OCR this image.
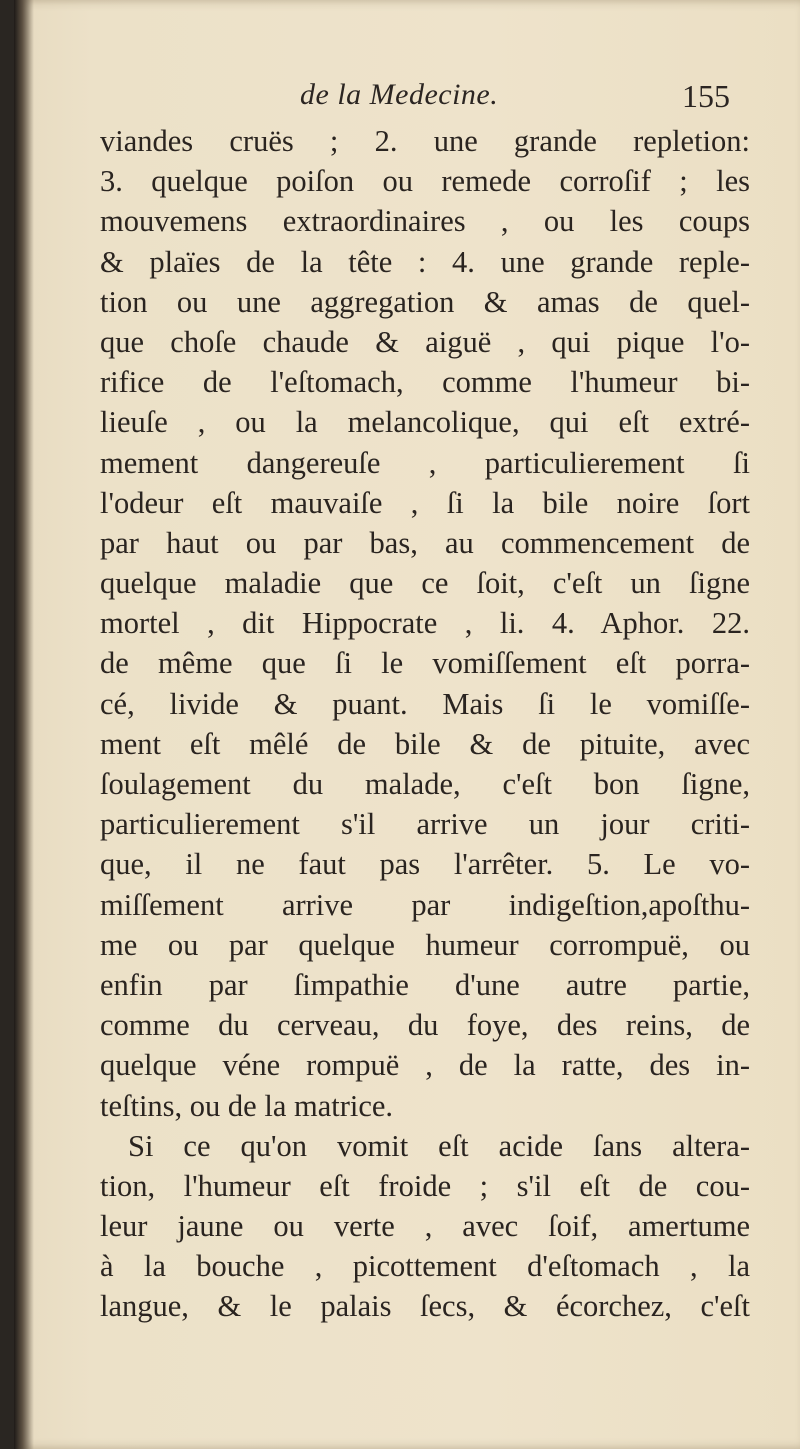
de la Medecine.	155
viandes cruës ; 2. une grande repletion:
3. quelque poiſon ou remede corroſif ; les
mouvemens extraordinaires , ou les coups
& plaïes de la tête : 4. une grande reple-
tion ou une aggregation & amas de quel-
que choſe chaude & aiguë , qui pique l'o-
rifice de l'eſtomach, comme l'humeur bi-
lieuſe , ou la melancolique, qui eſt extré-
mement dangereuſe , particulierement ſi
l'odeur eſt mauvaiſe , ſi la bile noire ſort
par haut ou par bas, au commencement de
quelque maladie que ce ſoit, c'eſt un ſigne
mortel , dit Hippocrate , li. 4. Aphor. 22.
de même que ſi le vomiſſement eſt porra-
cé, livide & puant. Mais ſi le vomiſſe-
ment eſt mêlé de bile & de pituite, avec
ſoulagement du malade, c'eſt bon ſigne,
particulierement s'il arrive un jour criti-
que, il ne faut pas l'arrêter. 5. Le vo-
miſſement arrive par indigeſtion,apoſthu-
me ou par quelque humeur corrompuë, ou
enfin par ſimpathie d'une autre partie,
comme du cerveau, du foye, des reins, de
quelque véne rompuë , de la ratte, des in-
teſtins, ou de la matrice.
Si ce qu'on vomit eſt acide ſans altera-
tion, l'humeur eſt froide ; s'il eſt de cou-
leur jaune ou verte , avec ſoif, amertume
à la bouche , picottement d'eſtomach , la
langue, & le palais ſecs, & écorchez, c'eſt
